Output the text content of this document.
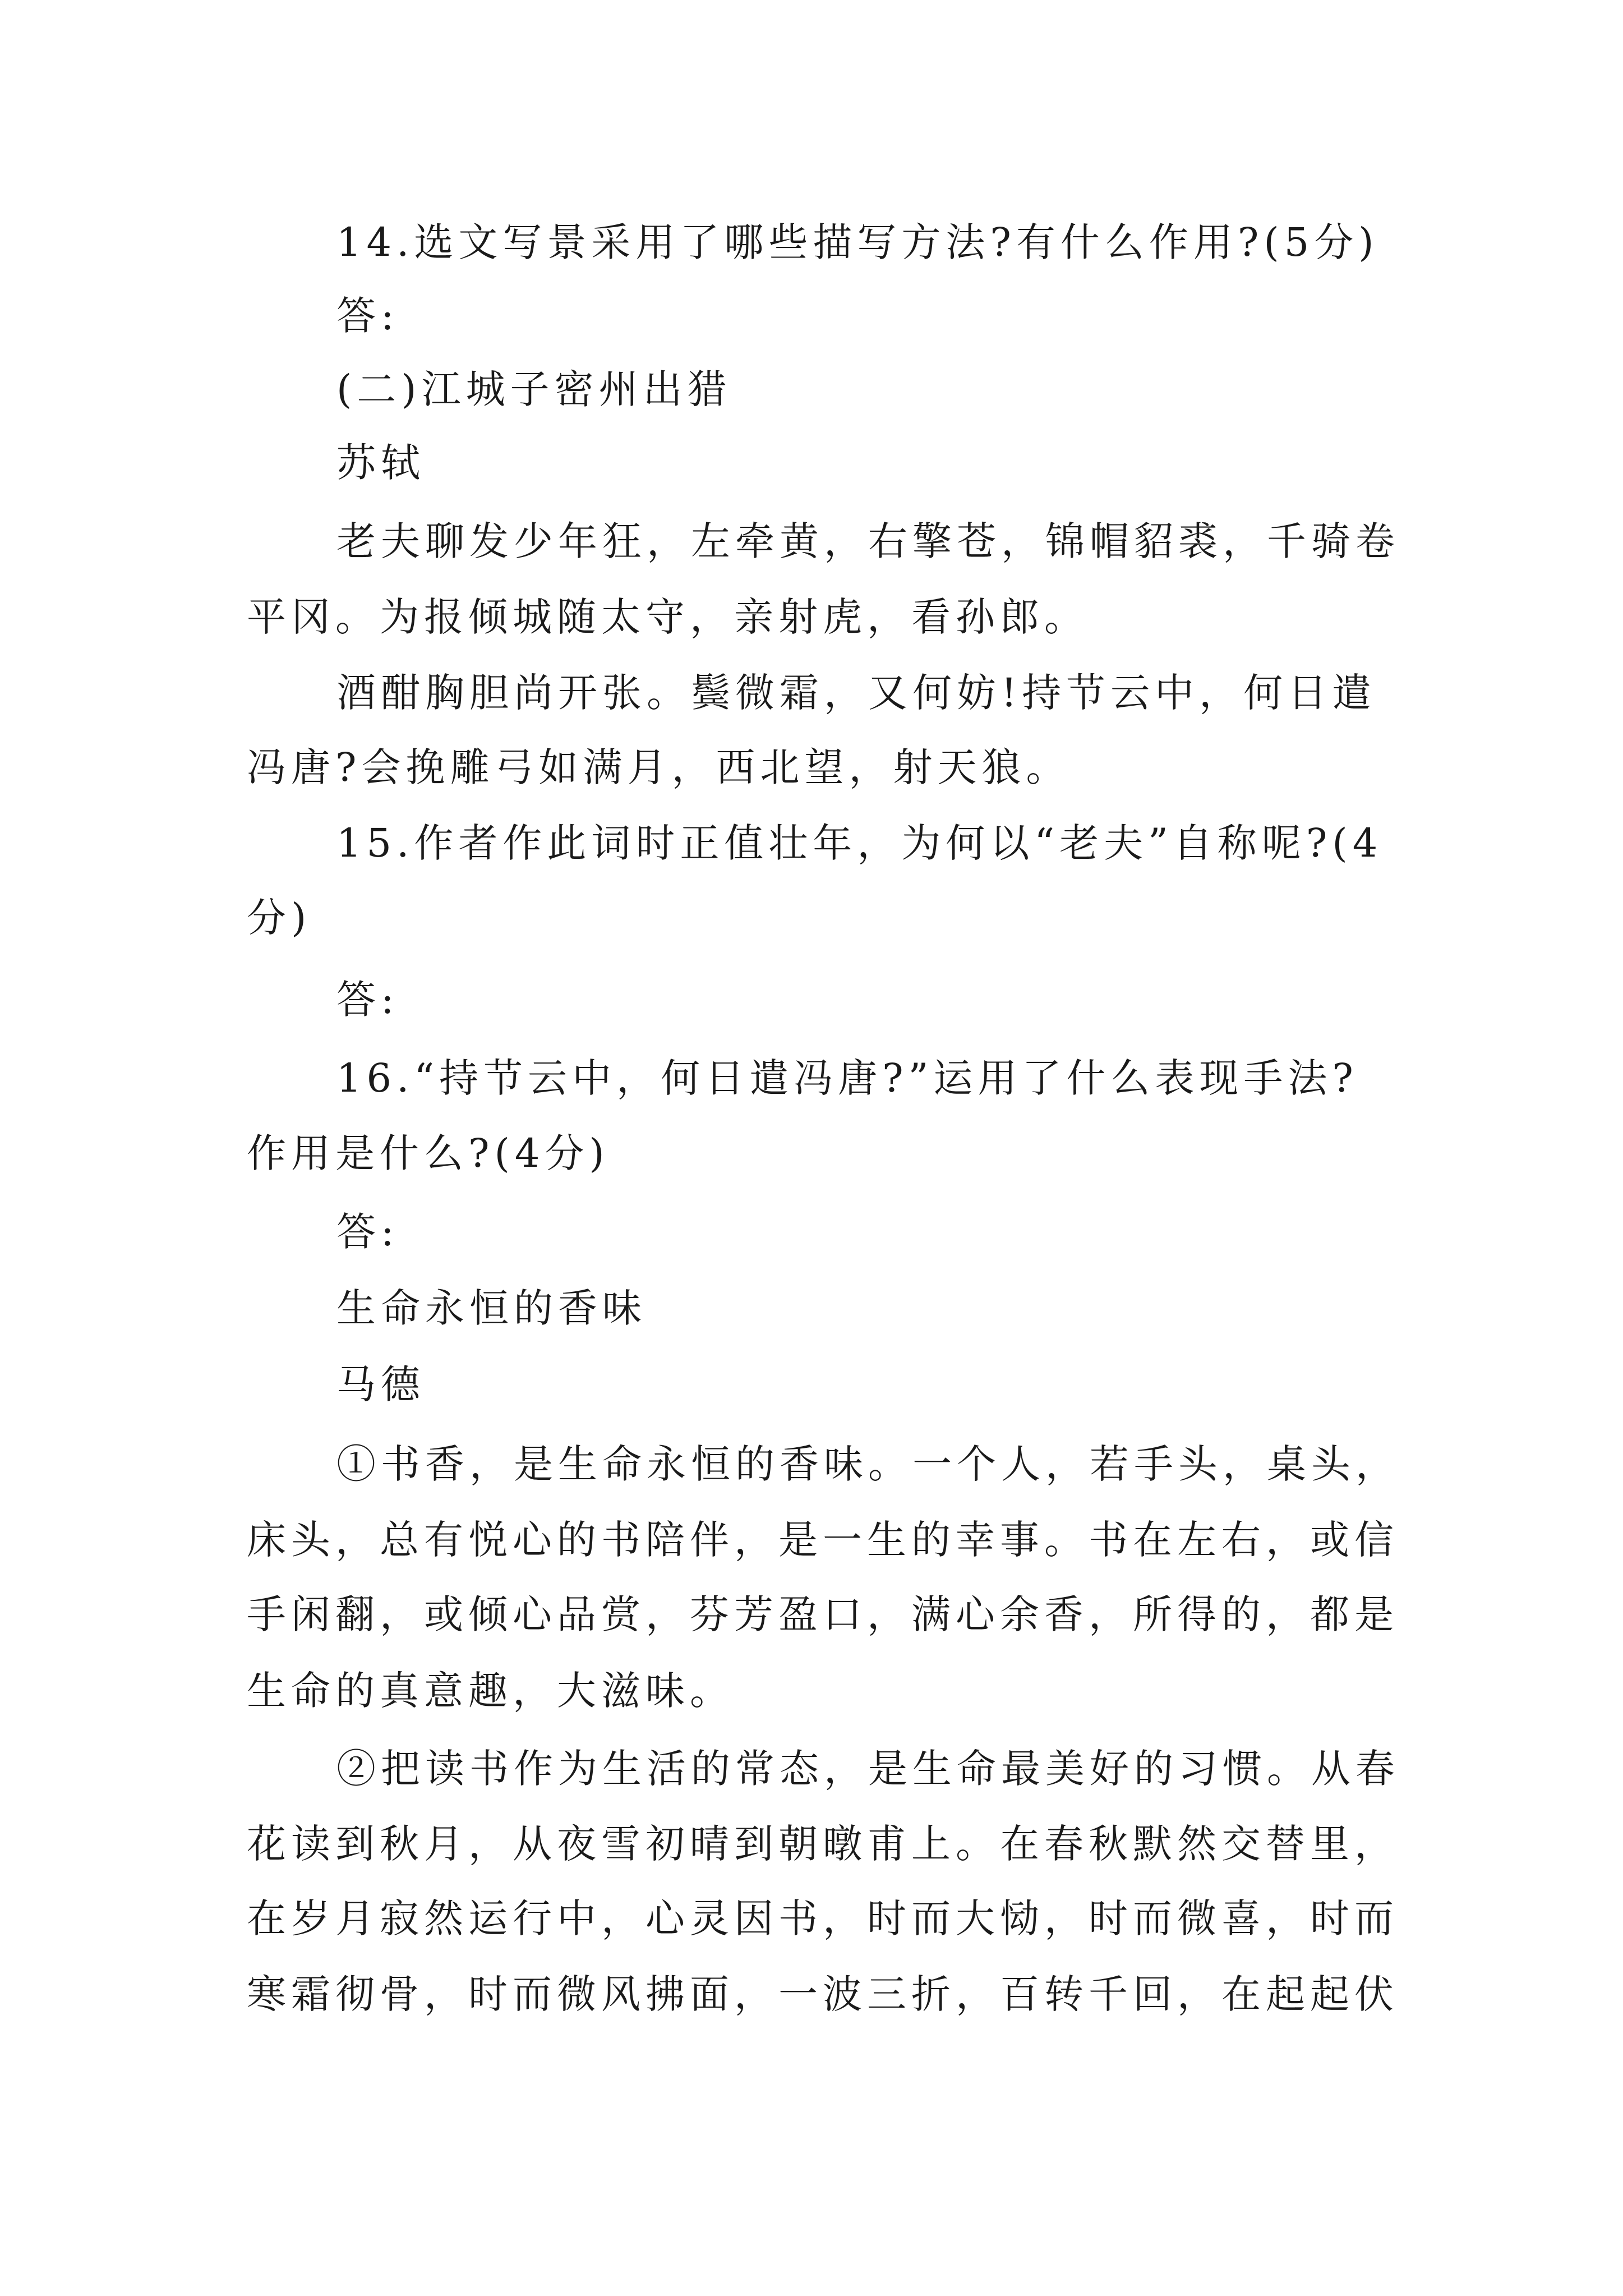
14.选文写景采用了哪些描写方法?有什么作用?(5分)
答:
(二)江城子密州出猎
苏轼
老夫聊发少年狂，左牵黄，右擎苍，锦帽貂裘，千骑卷
平冈。为报倾城随太守，亲射虎，看孙郎。
酒酣胸胆尚开张。鬓微霜，又何妨!持节云中，何日遣
冯唐?会挽雕弓如满月，西北望，射天狼。
15.作者作此词时正值壮年，为何以“老夫”自称呢?(4
分)
答:
16.“持节云中，何日遣冯唐?”运用了什么表现手法?
作用是什么?(4分)
答:
生命永恒的香味
马德
①书香，是生命永恒的香味。一个人，若手头，桌头，
床头，总有悦心的书陪伴，是一生的幸事。书在左右，或信
手闲翻，或倾心品赏，芬芳盈口，满心余香，所得的，都是
生命的真意趣，大滋味。
②把读书作为生活的常态，是生命最美好的习惯。从春
花读到秋月，从夜雪初晴到朝暾甫上。在春秋默然交替里，
在岁月寂然运行中，心灵因书，时而大恸，时而微喜，时而
寒霜彻骨，时而微风拂面，一波三折，百转千回，在起起伏
